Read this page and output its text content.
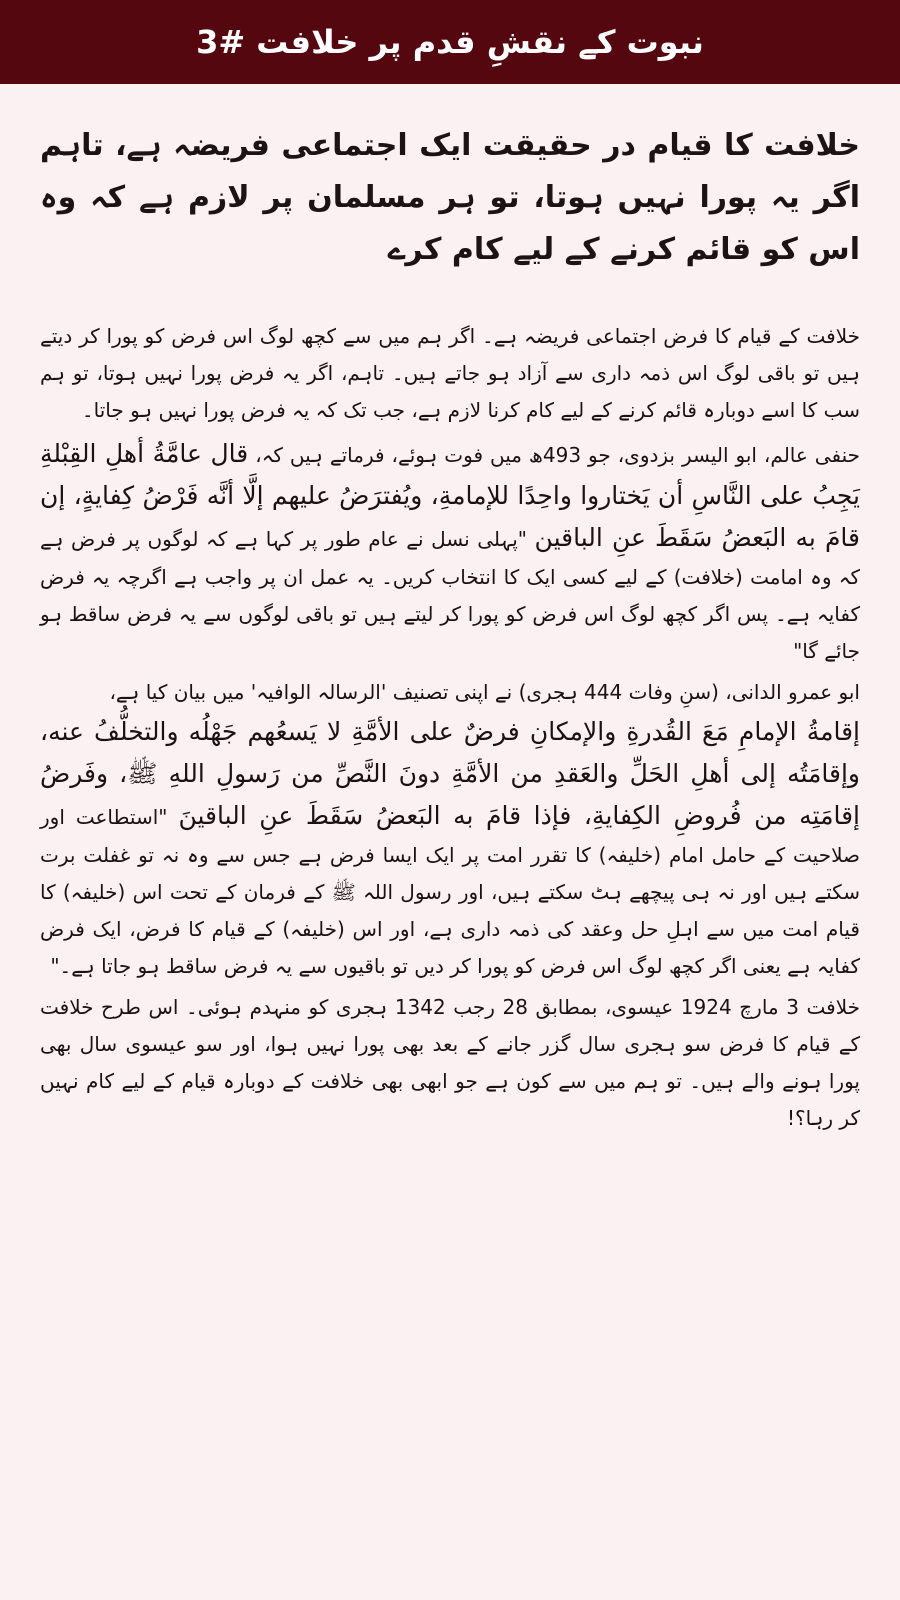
نبوت کے نقشِ قدم پر خلافت #3
خلافت کا قیام در حقیقت ایک اجتماعی فریضہ ہے، تاہم اگر یہ پورا نہیں ہوتا، تو ہر مسلمان پر لازم ہے کہ وہ اس کو قائم کرنے کے لیے کام کرے

خلافت کے قیام کا فرض اجتماعی فریضہ ہے۔ اگر ہم میں سے کچھ لوگ اس فرض کو پورا کر دیتے ہیں تو باقی لوگ اس ذمہ داری سے آزاد ہو جاتے ہیں۔ تاہم، اگر یہ فرض پورا نہیں ہوتا، تو ہم سب کا اسے دوبارہ قائم کرنے کے لیے کام کرنا لازم ہے، جب تک کہ یہ فرض پورا نہیں ہو جاتا۔

حنفی عالم، ابو الیسر بزدوی، جو 493ھ میں فوت ہوئے، فرماتے ہیں کہ، قال عامَّةُ أهلِ القِبْلةِ يَجِبُ على النَّاسِ أن يَختاروا واحِدًا للإمامةِ، ويُفترَضُ عليهم إلَّا أنَّه فَرْضُ كِفايةٍ، إن قامَ به البَعضُ سَقَطَ عنِ الباقين "پہلی نسل نے عام طور پر کہا ہے کہ لوگوں پر فرض ہے کہ وہ امامت (خلافت) کے لیے کسی ایک کا انتخاب کریں۔ یہ عمل ان پر واجب ہے اگرچہ یہ فرض کفایہ ہے۔ پس اگر کچھ لوگ اس فرض کو پورا کر لیتے ہیں تو باقی لوگوں سے یہ فرض ساقط ہو جائے گا"

ابو عمرو الدانی، (سنِ وفات 444 ہجری) نے اپنی تصنیف 'الرسالہ الوافیہ' میں بیان کیا ہے،
إقامةُ الإمامِ مَعَ القُدرةِ والإمكانِ فرضٌ على الأمَّةِ لا يَسعُهم جَهْلُه والتخلُّفُ عنه، وإقامَتُه إلى أهلِ الحَلِّ والعَقدِ من الأمَّةِ دونَ النَّصِّ من رَسولِ اللهِ ﷺ، وفَرضُ إقامَتِه من فُروضِ الكِفايةِ، فإذا قامَ به البَعضُ سَقَطَ عنِ الباقينَ "استطاعت اور صلاحیت کے حامل امام (خلیفہ) کا تقرر امت پر ایک ایسا فرض ہے جس سے وہ نہ تو غفلت برت سکتے ہیں اور نہ ہی پیچھے ہٹ سکتے ہیں، اور رسول اللہ ﷺ کے فرمان کے تحت اس (خلیفہ) کا قیام امت میں سے اہلِ حل وعقد کی ذمہ داری ہے، اور اس (خلیفہ) کے قیام کا فرض، ایک فرض کفایہ ہے یعنی اگر کچھ لوگ اس فرض کو پورا کر دیں تو باقیوں سے یہ فرض ساقط ہو جاتا ہے۔"

خلافت 3 مارچ 1924 عیسوی، بمطابق 28 رجب 1342 ہجری کو منہدم ہوئی۔ اس طرح خلافت کے قیام کا فرض سو ہجری سال گزر جانے کے بعد بھی پورا نہیں ہوا، اور سو عیسوی سال بھی پورا ہونے والے ہیں۔ تو ہم میں سے کون ہے جو ابھی بھی خلافت کے دوبارہ قیام کے لیے کام نہیں کر رہا؟!
